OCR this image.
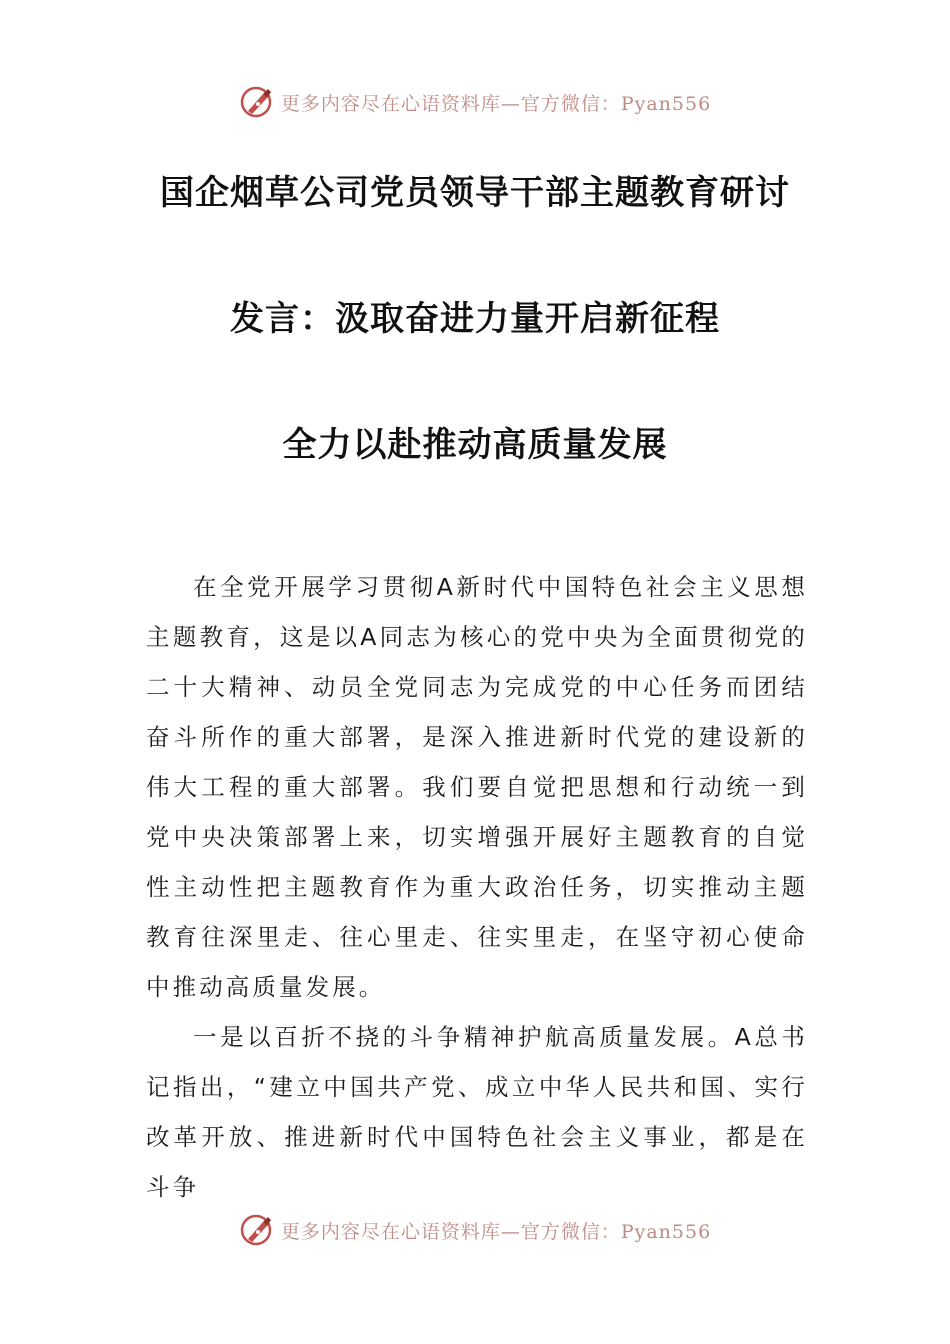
更多内容尽在心语资料库—官方微信：Pyan556
国企烟草公司党员领导干部主题教育研讨
发言：汲取奋进力量开启新征程
全力以赴推动高质量发展

在全党开展学习贯彻A新时代中国特色社会主义思想主题教育，这是以A同志为核心的党中央为全面贯彻党的二十大精神、动员全党同志为完成党的中心任务而团结奋斗所作的重大部署，是深入推进新时代党的建设新的伟大工程的重大部署。我们要自觉把思想和行动统一到党中央决策部署上来，切实增强开展好主题教育的自觉性主动性把主题教育作为重大政治任务，切实推动主题教育往深里走、往心里走、往实里走，在坚守初心使命中推动高质量发展。

一是以百折不挠的斗争精神护航高质量发展。A总书记指出，“建立中国共产党、成立中华人民共和国、实行改革开放、推进新时代中国特色社会主义事业，都是在斗争

更多内容尽在心语资料库—官方微信：Pyan556
